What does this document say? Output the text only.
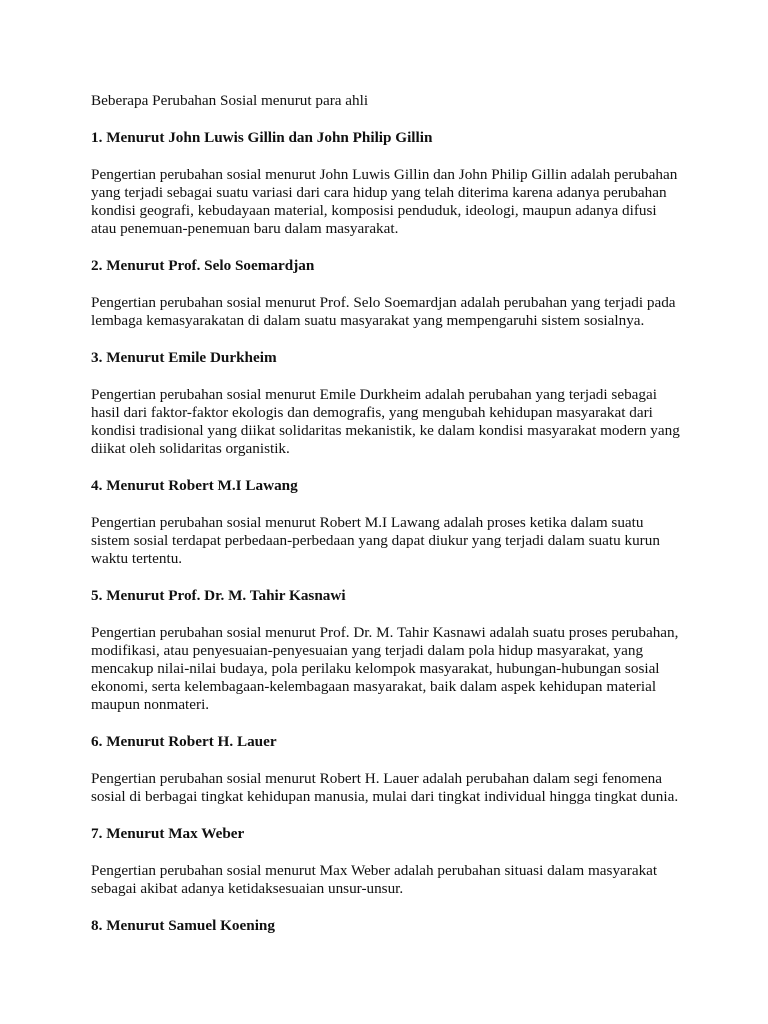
Beberapa Perubahan Sosial menurut para ahli

1. Menurut John Luwis Gillin dan John Philip Gillin

Pengertian perubahan sosial menurut John Luwis Gillin dan John Philip Gillin adalah perubahan
yang terjadi sebagai suatu variasi dari cara hidup yang telah diterima karena adanya perubahan
kondisi geografi, kebudayaan material, komposisi penduduk, ideologi, maupun adanya difusi
atau penemuan-penemuan baru dalam masyarakat.

2. Menurut Prof. Selo Soemardjan

Pengertian perubahan sosial menurut Prof. Selo Soemardjan adalah perubahan yang terjadi pada
lembaga kemasyarakatan di dalam suatu masyarakat yang mempengaruhi sistem sosialnya.

3. Menurut Emile Durkheim

Pengertian perubahan sosial menurut Emile Durkheim adalah perubahan yang terjadi sebagai
hasil dari faktor-faktor ekologis dan demografis, yang mengubah kehidupan masyarakat dari
kondisi tradisional yang diikat solidaritas mekanistik, ke dalam kondisi masyarakat modern yang
diikat oleh solidaritas organistik.

4. Menurut Robert M.I Lawang

Pengertian perubahan sosial menurut Robert M.I Lawang adalah proses ketika dalam suatu
sistem sosial terdapat perbedaan-perbedaan yang dapat diukur yang terjadi dalam suatu kurun
waktu tertentu.

5. Menurut Prof. Dr. M. Tahir Kasnawi

Pengertian perubahan sosial menurut Prof. Dr. M. Tahir Kasnawi adalah suatu proses perubahan,
modifikasi, atau penyesuaian-penyesuaian yang terjadi dalam pola hidup masyarakat, yang
mencakup nilai-nilai budaya, pola perilaku kelompok masyarakat, hubungan-hubungan sosial
ekonomi, serta kelembagaan-kelembagaan masyarakat, baik dalam aspek kehidupan material
maupun nonmateri.

6. Menurut Robert H. Lauer

Pengertian perubahan sosial menurut Robert H. Lauer adalah perubahan dalam segi fenomena
sosial di berbagai tingkat kehidupan manusia, mulai dari tingkat individual hingga tingkat dunia.

7. Menurut Max Weber

Pengertian perubahan sosial menurut Max Weber adalah perubahan situasi dalam masyarakat
sebagai akibat adanya ketidaksesuaian unsur-unsur.

8. Menurut Samuel Koening
